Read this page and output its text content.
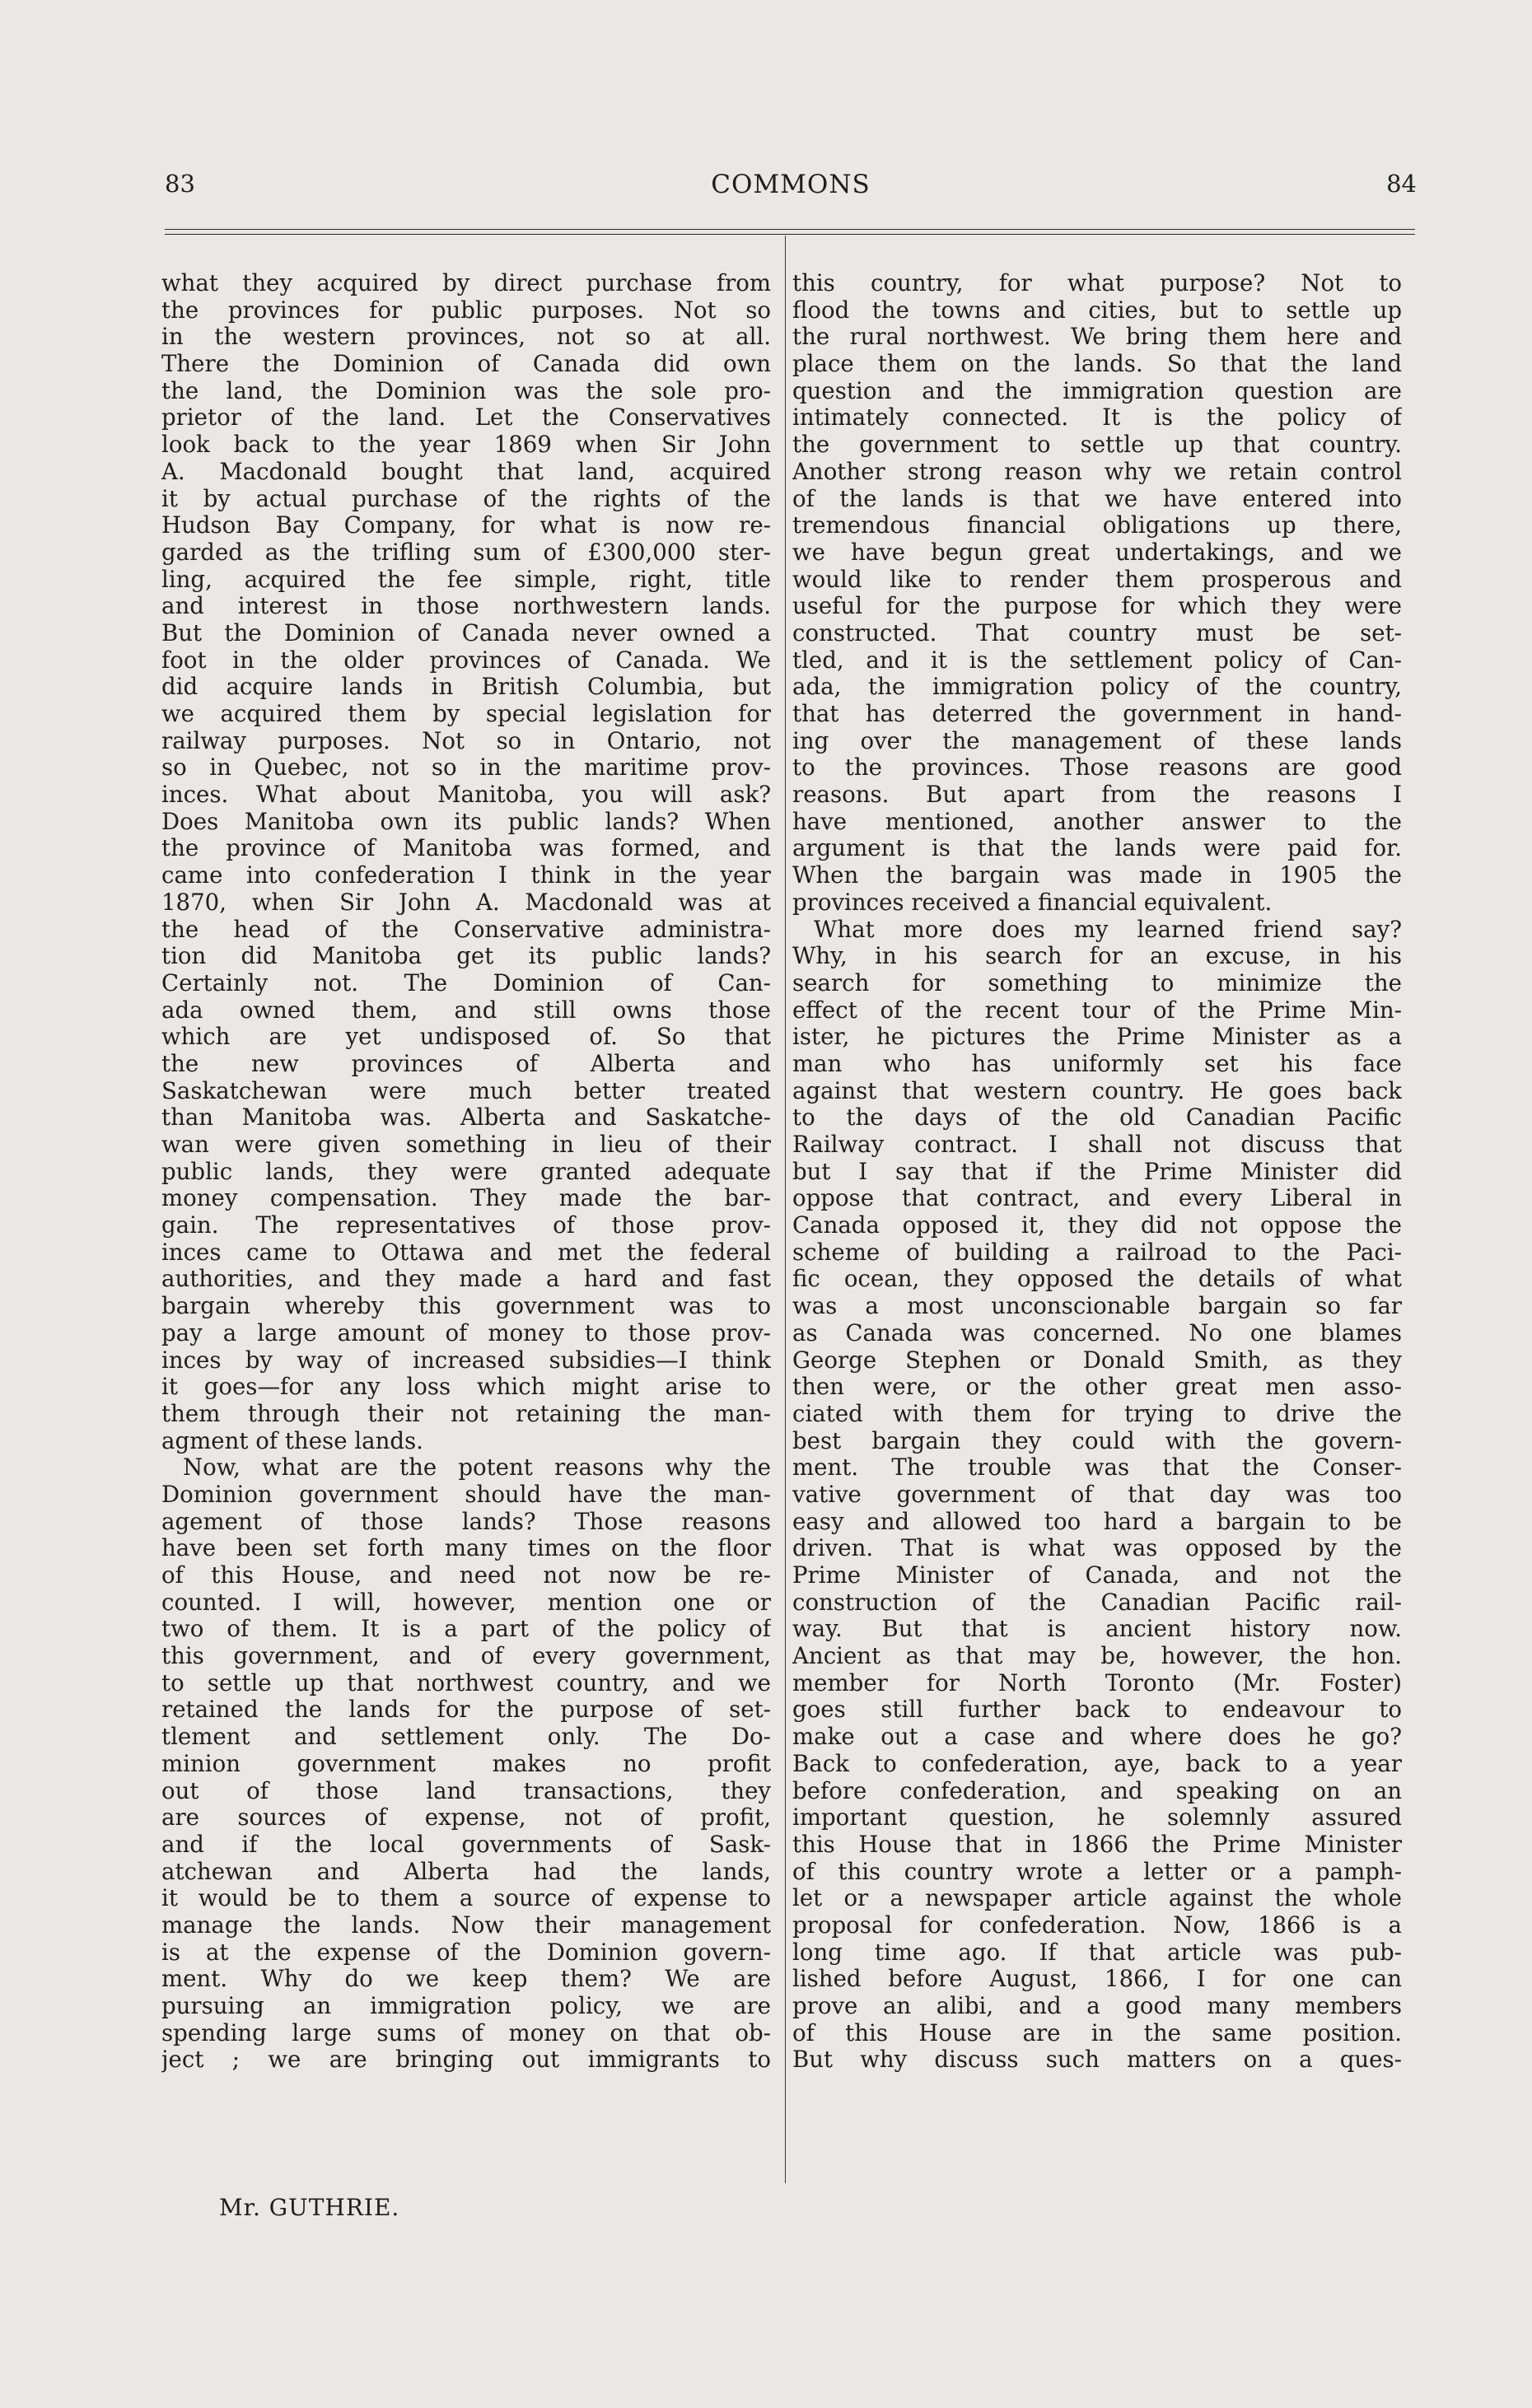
83	COMMONS	84
what they acquired by direct purchase from
the provinces for public purposes. Not so
in the western provinces, not so at all.
There the Dominion of Canada did own
the land, the Dominion was the sole pro-
prietor of the land. Let the Conservatives
look back to the year 1869 when Sir John
A. Macdonald bought that land, acquired
it by actual purchase of the rights of the
Hudson Bay Company, for what is now re-
garded as the trifling sum of £300,000 ster-
ling, acquired the fee simple, right, title
and interest in those northwestern lands.
But the Dominion of Canada never owned a
foot in the older provinces of Canada. We
did acquire lands in British Columbia, but
we acquired them by special legislation for
railway purposes. Not so in Ontario, not
so in Quebec, not so in the maritime prov-
inces. What about Manitoba, you will ask?
Does Manitoba own its public lands? When
the province of Manitoba was formed, and
came into confederation I think in the year
1870, when Sir John A. Macdonald was at
the head of the Conservative administra-
tion did Manitoba get its public lands?
Certainly not. The Dominion of Can-
ada owned them, and still owns those
which are yet undisposed of. So that
the new provinces of Alberta and
Saskatchewan were much better treated
than Manitoba was. Alberta and Saskatche-
wan were given something in lieu of their
public lands, they were granted adequate
money compensation. They made the bar-
gain. The representatives of those prov-
inces came to Ottawa and met the federal
authorities, and they made a hard and fast
bargain whereby this government was to
pay a large amount of money to those prov-
inces by way of increased subsidies—I think
it goes—for any loss which might arise to
them through their not retaining the man-
agment of these lands.
Now, what are the potent reasons why the
Dominion government should have the man-
agement of those lands? Those reasons
have been set forth many times on the floor
of this House, and need not now be re-
counted. I will, however, mention one or
two of them. It is a part of the policy of
this government, and of every government,
to settle up that northwest country, and we
retained the lands for the purpose of set-
tlement and settlement only. The Do-
minion government makes no profit
out of those land transactions, they
are sources of expense, not of profit,
and if the local governments of Sask-
atchewan and Alberta had the lands,
it would be to them a source of expense to
manage the lands. Now their management
is at the expense of the Dominion govern-
ment. Why do we keep them? We are
pursuing an immigration policy, we are
spending large sums of money on that ob-
ject ; we are bringing out immigrants to
this country, for what purpose? Not to
flood the towns and cities, but to settle up
the rural northwest. We bring them here and
place them on the lands. So that the land
question and the immigration question are
intimately connected. It is the policy of
the government to settle up that country.
Another strong reason why we retain control
of the lands is that we have entered into
tremendous financial obligations up there,
we have begun great undertakings, and we
would like to render them prosperous and
useful for the purpose for which they were
constructed. That country must be set-
tled, and it is the settlement policy of Can-
ada, the immigration policy of the country,
that has deterred the government in hand-
ing over the management of these lands
to the provinces. Those reasons are good
reasons. But apart from the reasons I
have mentioned, another answer to the
argument is that the lands were paid for.
When the bargain was made in 1905 the
provinces received a financial equivalent.
What more does my learned friend say?
Why, in his search for an excuse, in his
search for something to minimize the
effect of the recent tour of the Prime Min-
ister, he pictures the Prime Minister as a
man who has uniformly set his face
against that western country. He goes back
to the days of the old Canadian Pacific
Railway contract. I shall not discuss that
but I say that if the Prime Minister did
oppose that contract, and every Liberal in
Canada opposed it, they did not oppose the
scheme of building a railroad to the Paci-
fic ocean, they opposed the details of what
was a most unconscionable bargain so far
as Canada was concerned. No one blames
George Stephen or Donald Smith, as they
then were, or the other great men asso-
ciated with them for trying to drive the
best bargain they could with the govern-
ment. The trouble was that the Conser-
vative government of that day was too
easy and allowed too hard a bargain to be
driven. That is what was opposed by the
Prime Minister of Canada, and not the
construction of the Canadian Pacific rail-
way. But that is ancient history now.
Ancient as that may be, however, the hon.
member for North Toronto (Mr. Foster)
goes still further back to endeavour to
make out a case and where does he go?
Back to confederation, aye, back to a year
before confederation, and speaking on an
important question, he solemnly assured
this House that in 1866 the Prime Minister
of this country wrote a letter or a pamph-
let or a newspaper article against the whole
proposal for confederation. Now, 1866 is a
long time ago. If that article was pub-
lished before August, 1866, I for one can
prove an alibi, and a good many members
of this House are in the same position.
But why discuss such matters on a ques-
Mr. GUTHRIE.
